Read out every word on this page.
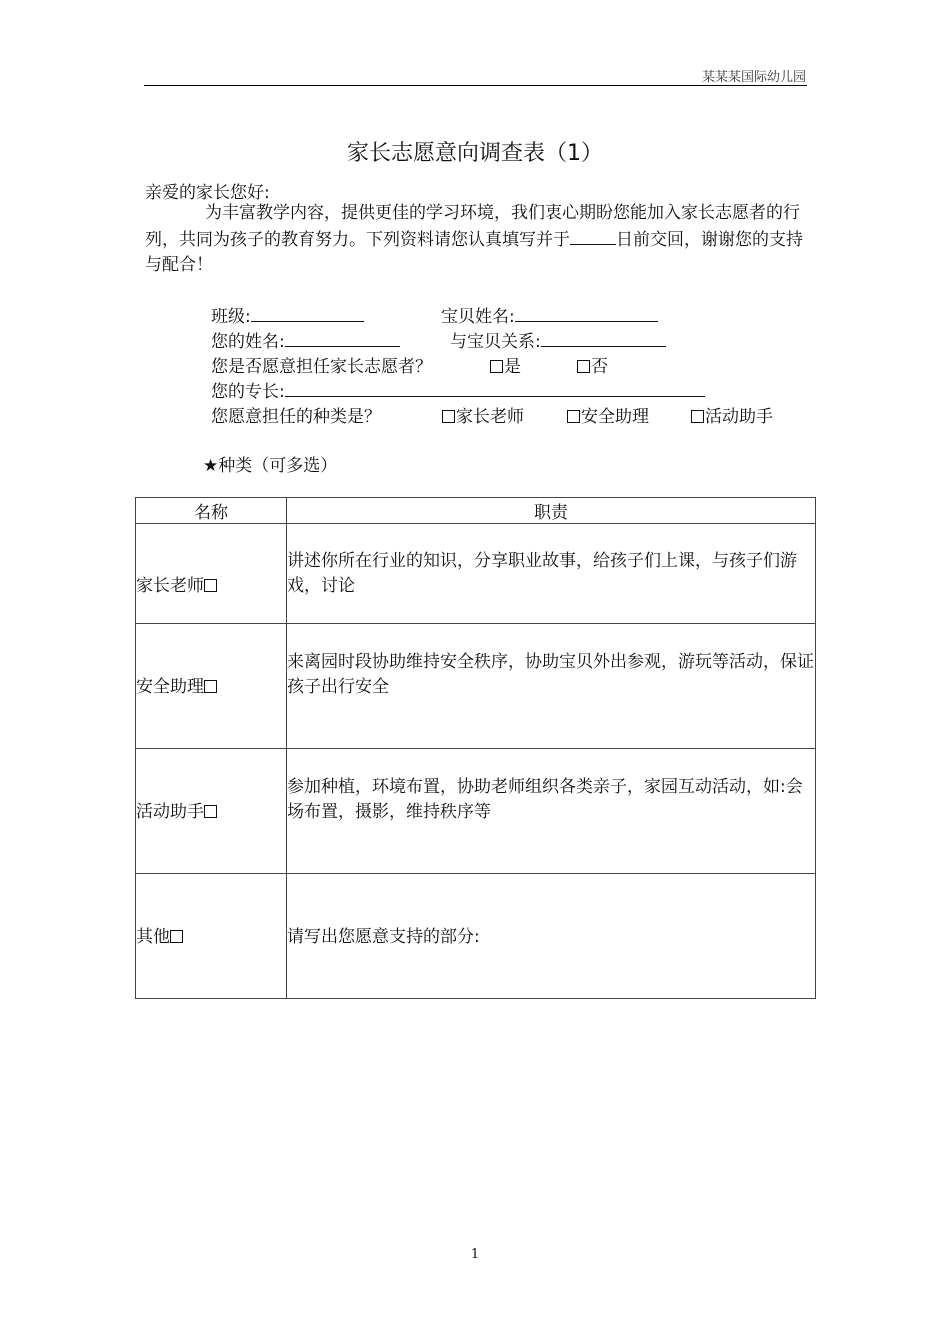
某某某国际幼儿园
家长志愿意向调查表（1）
亲爱的家长您好:
为丰富教学内容，提供更佳的学习环境，我们衷心期盼您能加入家长志愿者的行列，共同为孩子的教育努力。下列资料请您认真填写并于	日前交回，谢谢您的支持与配合！
班级:	宝贝姓名:
您的姓名:	与宝贝关系:
您是否愿意担任家长志愿者？	是	否
您的专长:
您愿意担任的种类是？	家长老师	安全助理	活动助手
★种类（可多选）
名称	职责

家长老师	讲述你所在行业的知识，分享职业故事，给孩子们上课，与孩子们游戏，讨论

安全助理	来离园时段协助维持安全秩序，协助宝贝外出参观，游玩等活动，保证孩子出行安全

活动助手	参加种植，环境布置，协助老师组织各类亲子，家园互动活动，如:会场布置，摄影，维持秩序等

其他	请写出您愿意支持的部分:
1
